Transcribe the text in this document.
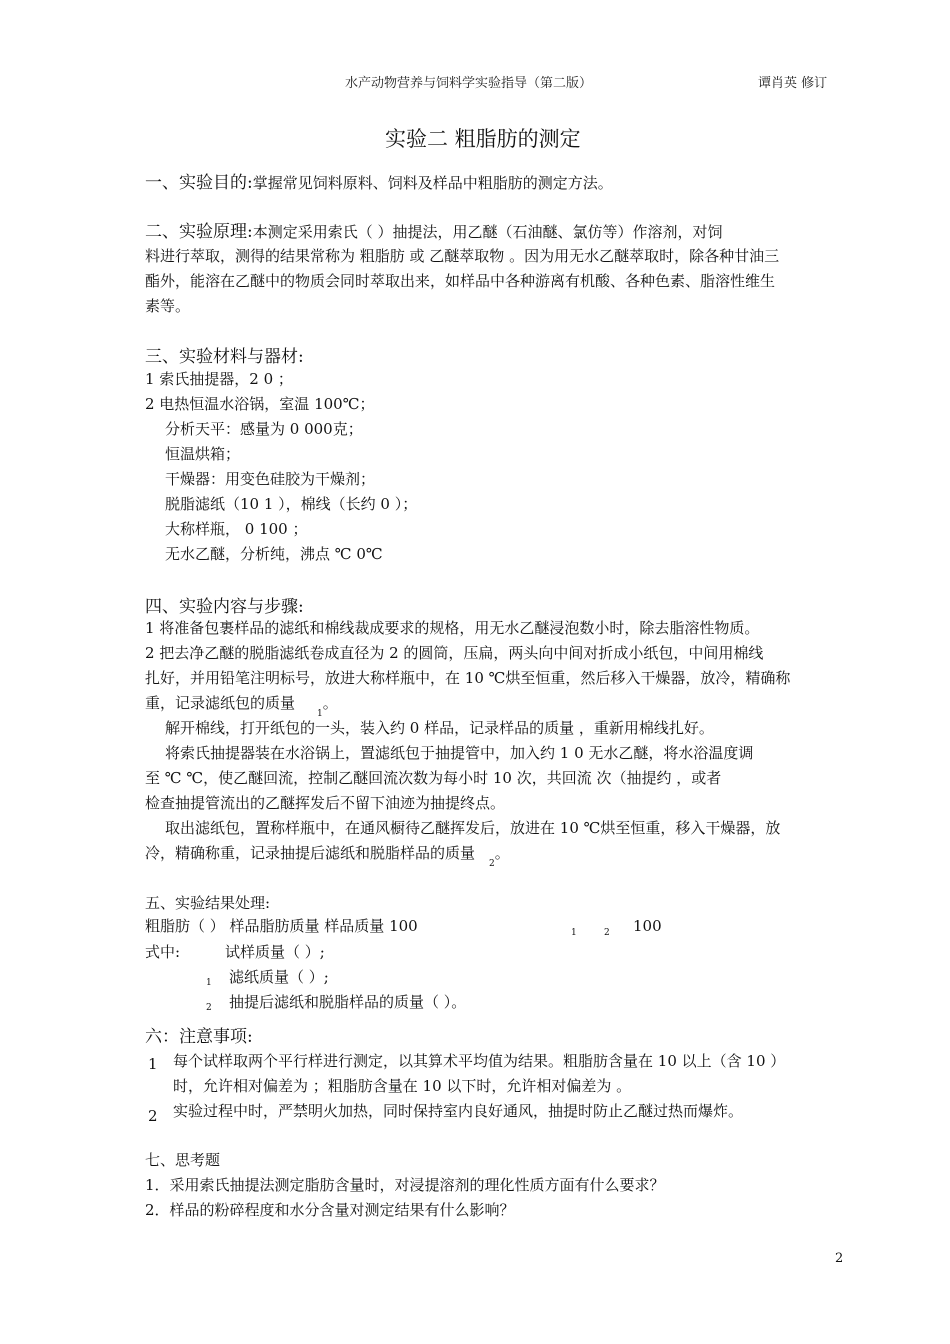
水产动物营养与饲料学实验指导（第二版）	谭肖英 修订
实验二 粗脂肪的测定
一、实验目的:掌握常见饲料原料、饲料及样品中粗脂肪的测定方法。
二、实验原理:本测定采用索氏（ ）抽提法，用乙醚（石油醚、氯仿等）作溶剂，对饲
料进行萃取，测得的结果常称为 粗脂肪 或 乙醚萃取物 。因为用无水乙醚萃取时，除各种甘油三
酯外，能溶在乙醚中的物质会同时萃取出来，如样品中各种游离有机酸、各种色素、脂溶性维生
素等。
三、实验材料与器材:
1 索氏抽提器，2 0 ；
2 电热恒温水浴锅，室温 100℃；
分析天平：感量为 0 000克；
恒温烘箱；
干燥器：用变色硅胶为干燥剂；
脱脂滤纸（10 1 ），棉线（长约 0 ）；
大称样瓶， 0 100 ；
无水乙醚，分析纯，沸点 ℃ 0℃
四、实验内容与步骤:
1 将准备包裹样品的滤纸和棉线裁成要求的规格，用无水乙醚浸泡数小时，除去脂溶性物质。
2 把去净乙醚的脱脂滤纸卷成直径为 2 的圆筒，压扁，两头向中间对折成小纸包，中间用棉线
扎好，并用铅笔注明标号，放进大称样瓶中，在 10 ℃烘至恒重，然后移入干燥器，放冷，精确称
重，记录滤纸包的质量$_1$。
解开棉线，打开纸包的一头，装入约 0 样品，记录样品的质量 ，重新用棉线扎好。
将索氏抽提器装在水浴锅上，置滤纸包于抽提管中，加入约 1 0 无水乙醚，将水浴温度调
至 ℃ ℃，使乙醚回流，控制乙醚回流次数为每小时 10 次，共回流 次（抽提约 ，或者
检查抽提管流出的乙醚挥发后不留下油迹为抽提终点。
取出滤纸包，置称样瓶中，在通风橱待乙醚挥发后，放进在 10 ℃烘至恒重，移入干燥器，放
冷，精确称重，记录抽提后滤纸和脱脂样品的质量$_2$。
五、实验结果处理:
粗脂肪（ ） 样品脂肪质量 样品质量 100	1	2 100
式中:	试样质量（ ）;
1 滤纸质量（ ）;
2 抽提后滤纸和脱脂样品的质量（ ）。
六：注意事项:
1 每个试样取两个平行样进行测定，以其算术平均值为结果。粗脂肪含量在 10 以上（含 10 ）
时，允许相对偏差为 ；粗脂肪含量在 10 以下时，允许相对偏差为 。
2 实验过程中时，严禁明火加热，同时保持室内良好通风，抽提时防止乙醚过热而爆炸。
七、思考题
1．采用索氏抽提法测定脂肪含量时，对浸提溶剂的理化性质方面有什么要求？
2．样品的粉碎程度和水分含量对测定结果有什么影响？
2
